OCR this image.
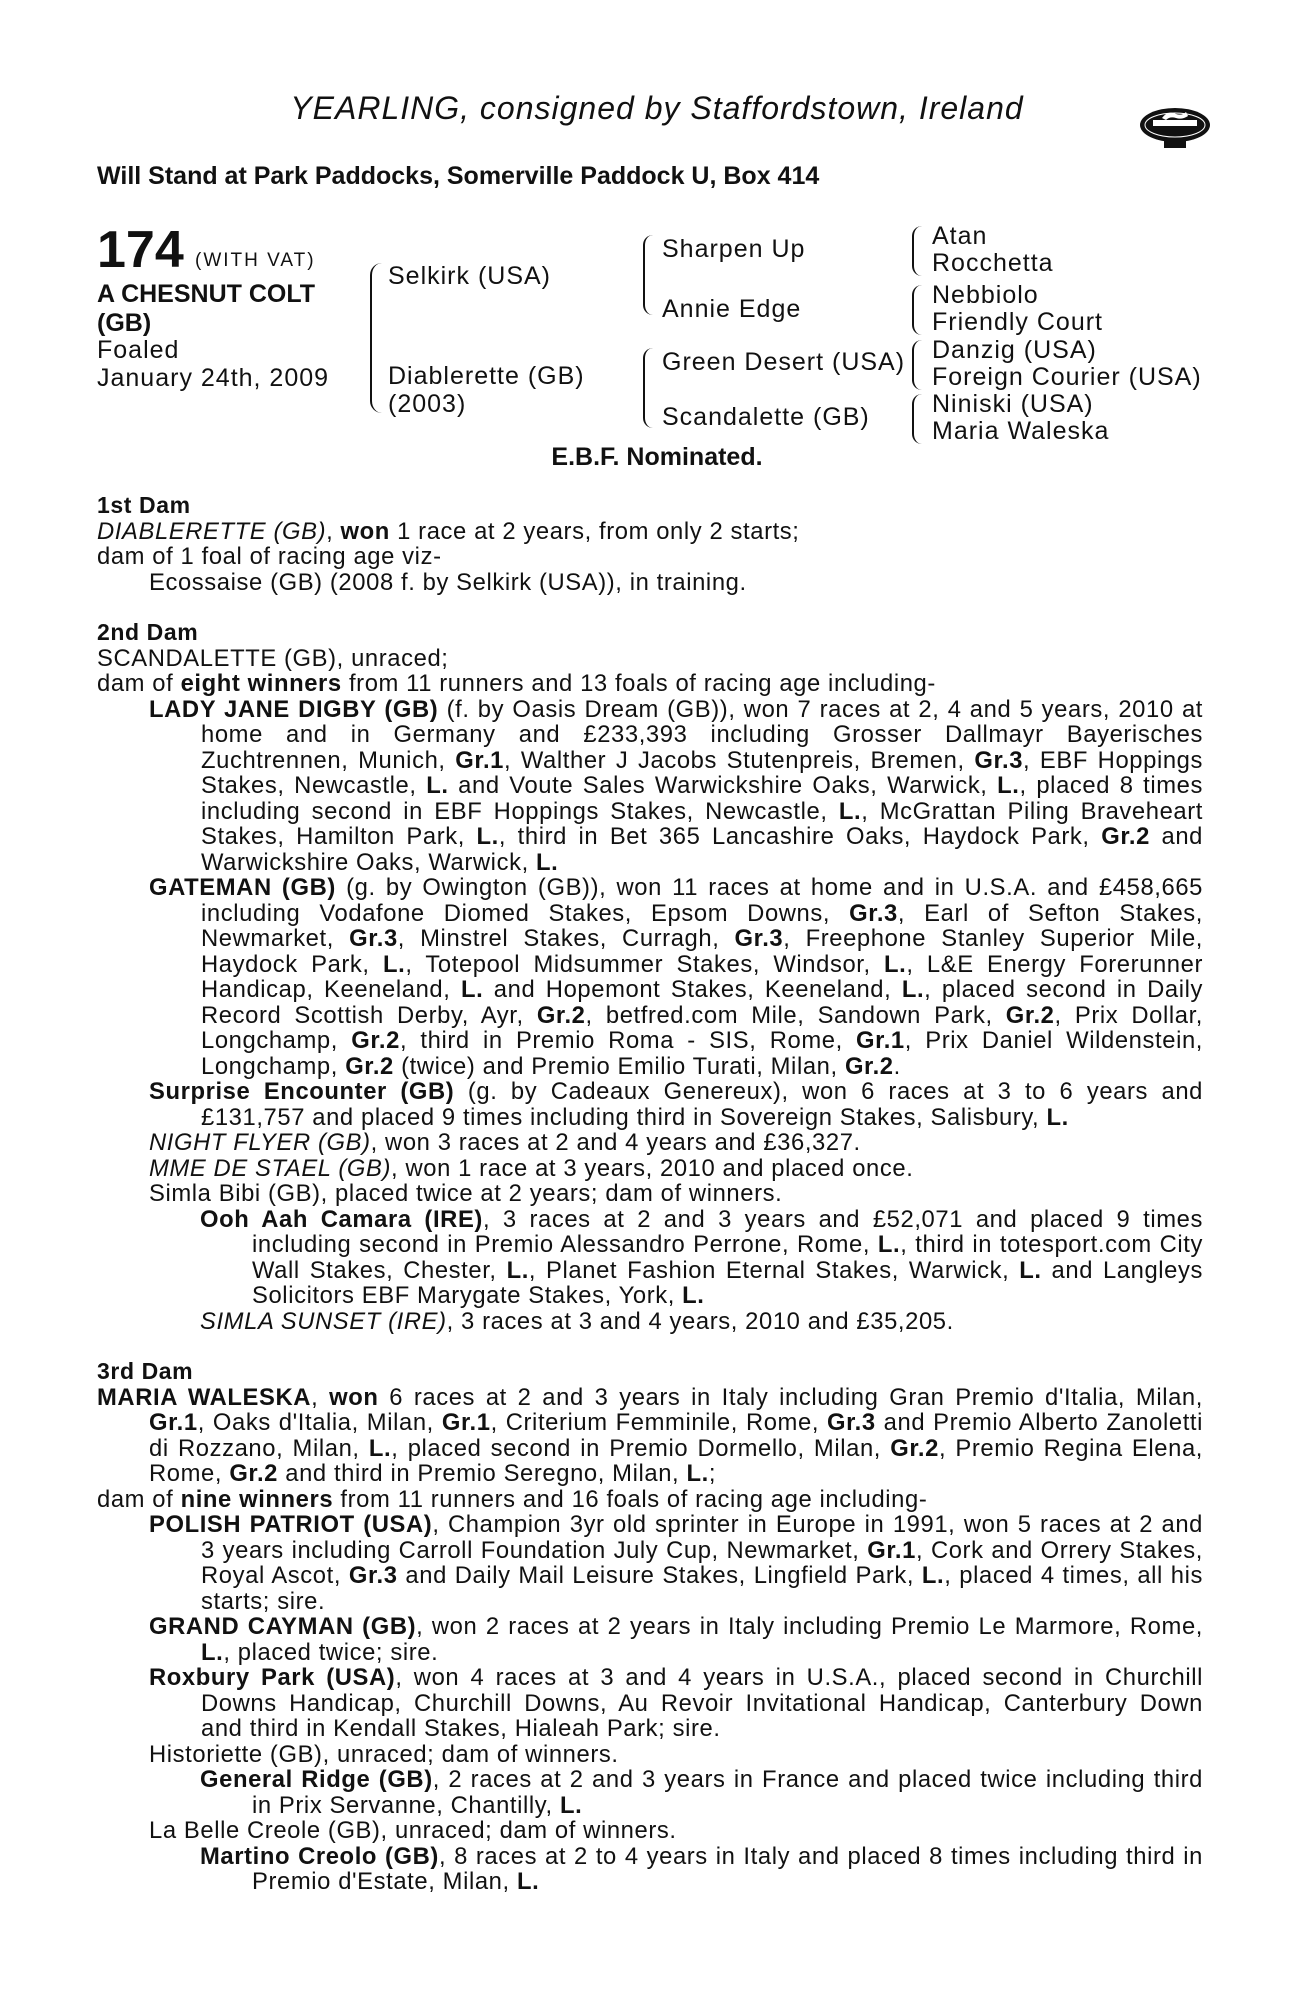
YEARLING, consigned by Staffordstown, Ireland
Will Stand at Park Paddocks, Somerville Paddock U, Box 414
174 (WITH VAT)
A CHESNUT COLT
(GB)
Foaled
January 24th, 2009
Selkirk (USA)
Diablerette (GB)
(2003)
Sharpen Up
Annie Edge
Green Desert (USA)
Scandalette (GB)
Atan
Rocchetta
Nebbiolo
Friendly Court
Danzig (USA)
Foreign Courier (USA)
Niniski (USA)
Maria Waleska
E.B.F. Nominated.
1st Dam
DIABLERETTE (GB), won 1 race at 2 years, from only 2 starts;
dam of 1 foal of racing age viz-
Ecossaise (GB) (2008 f. by Selkirk (USA)), in training.
2nd Dam
SCANDALETTE (GB), unraced;
dam of eight winners from 11 runners and 13 foals of racing age including-
LADY JANE DIGBY (GB) (f. by Oasis Dream (GB)), won 7 races at 2, 4 and 5 years, 2010 at home and in Germany and £233,393 including Grosser Dallmayr Bayerisches Zuchtrennen, Munich, Gr.1, Walther J Jacobs Stutenpreis, Bremen, Gr.3, EBF Hoppings Stakes, Newcastle, L. and Voute Sales Warwickshire Oaks, Warwick, L., placed 8 times including second in EBF Hoppings Stakes, Newcastle, L., McGrattan Piling Braveheart Stakes, Hamilton Park, L., third in Bet 365 Lancashire Oaks, Haydock Park, Gr.2 and Warwickshire Oaks, Warwick, L.
GATEMAN (GB) (g. by Owington (GB)), won 11 races at home and in U.S.A. and £458,665 including Vodafone Diomed Stakes, Epsom Downs, Gr.3, Earl of Sefton Stakes, Newmarket, Gr.3, Minstrel Stakes, Curragh, Gr.3, Freephone Stanley Superior Mile, Haydock Park, L., Totepool Midsummer Stakes, Windsor, L., L&E Energy Forerunner Handicap, Keeneland, L. and Hopemont Stakes, Keeneland, L., placed second in Daily Record Scottish Derby, Ayr, Gr.2, betfred.com Mile, Sandown Park, Gr.2, Prix Dollar, Longchamp, Gr.2, third in Premio Roma - SIS, Rome, Gr.1, Prix Daniel Wildenstein, Longchamp, Gr.2 (twice) and Premio Emilio Turati, Milan, Gr.2.
Surprise Encounter (GB) (g. by Cadeaux Genereux), won 6 races at 3 to 6 years and £131,757 and placed 9 times including third in Sovereign Stakes, Salisbury, L.
NIGHT FLYER (GB), won 3 races at 2 and 4 years and £36,327.
MME DE STAEL (GB), won 1 race at 3 years, 2010 and placed once.
Simla Bibi (GB), placed twice at 2 years; dam of winners.
Ooh Aah Camara (IRE), 3 races at 2 and 3 years and £52,071 and placed 9 times including second in Premio Alessandro Perrone, Rome, L., third in totesport.com City Wall Stakes, Chester, L., Planet Fashion Eternal Stakes, Warwick, L. and Langleys Solicitors EBF Marygate Stakes, York, L.
SIMLA SUNSET (IRE), 3 races at 3 and 4 years, 2010 and £35,205.
3rd Dam
MARIA WALESKA, won 6 races at 2 and 3 years in Italy including Gran Premio d'Italia, Milan, Gr.1, Oaks d'Italia, Milan, Gr.1, Criterium Femminile, Rome, Gr.3 and Premio Alberto Zanoletti di Rozzano, Milan, L., placed second in Premio Dormello, Milan, Gr.2, Premio Regina Elena, Rome, Gr.2 and third in Premio Seregno, Milan, L.;
dam of nine winners from 11 runners and 16 foals of racing age including-
POLISH PATRIOT (USA), Champion 3yr old sprinter in Europe in 1991, won 5 races at 2 and 3 years including Carroll Foundation July Cup, Newmarket, Gr.1, Cork and Orrery Stakes, Royal Ascot, Gr.3 and Daily Mail Leisure Stakes, Lingfield Park, L., placed 4 times, all his starts; sire.
GRAND CAYMAN (GB), won 2 races at 2 years in Italy including Premio Le Marmore, Rome, L., placed twice; sire.
Roxbury Park (USA), won 4 races at 3 and 4 years in U.S.A., placed second in Churchill Downs Handicap, Churchill Downs, Au Revoir Invitational Handicap, Canterbury Down and third in Kendall Stakes, Hialeah Park; sire.
Historiette (GB), unraced; dam of winners.
General Ridge (GB), 2 races at 2 and 3 years in France and placed twice including third in Prix Servanne, Chantilly, L.
La Belle Creole (GB), unraced; dam of winners.
Martino Creolo (GB), 8 races at 2 to 4 years in Italy and placed 8 times including third in Premio d'Estate, Milan, L.
